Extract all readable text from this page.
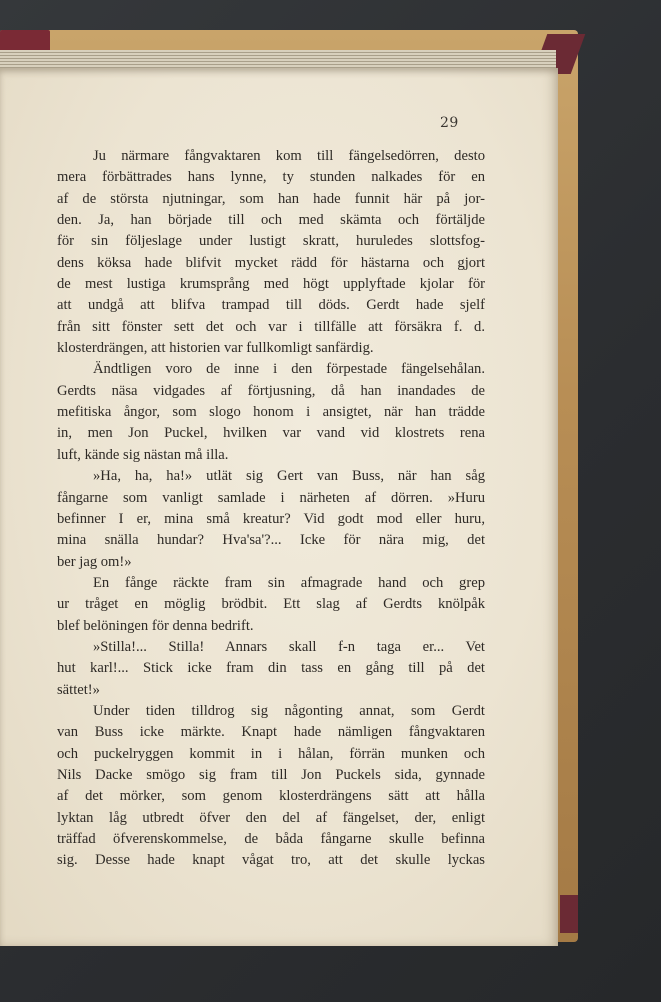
29
Ju närmare fångvaktaren kom till fängelsedörren, desto
mera förbättrades hans lynne, ty stunden nalkades för en
af de största njutningar, som han hade funnit här på jor-
den. Ja, han började till och med skämta och förtäljde
för sin följeslage under lustigt skratt, huruledes slottsfog-
dens köksa hade blifvit mycket rädd för hästarna och gjort
de mest lustiga krumsprång med högt upplyftade kjolar för
att undgå att blifva trampad till döds. Gerdt hade sjelf
från sitt fönster sett det och var i tillfälle att försäkra f. d.
klosterdrängen, att historien var fullkomligt sanfärdig.
Ändtligen voro de inne i den förpestade fängelsehålan.
Gerdts näsa vidgades af förtjusning, då han inandades de
mefitiska ångor, som slogo honom i ansigtet, när han trädde
in, men Jon Puckel, hvilken var vand vid klostrets rena
luft, kände sig nästan må illa.
»Ha, ha, ha!» utlät sig Gert van Buss, när han såg
fångarne som vanligt samlade i närheten af dörren. »Huru
befinner I er, mina små kreatur? Vid godt mod eller huru,
mina snälla hundar? Hva'sa'?... Icke för nära mig, det
ber jag om!»
En fånge räckte fram sin afmagrade hand och grep
ur tråget en möglig brödbit. Ett slag af Gerdts knölpåk
blef belöningen för denna bedrift.
»Stilla!... Stilla! Annars skall f-n taga er... Vet
hut karl!... Stick icke fram din tass en gång till på det
sättet!»
Under tiden tilldrog sig någonting annat, som Gerdt
van Buss icke märkte. Knapt hade nämligen fångvaktaren
och puckelryggen kommit in i hålan, förrän munken och
Nils Dacke smögo sig fram till Jon Puckels sida, gynnade
af det mörker, som genom klosterdrängens sätt att hålla
lyktan låg utbredt öfver den del af fängelset, der, enligt
träffad öfverenskommelse, de båda fångarne skulle befinna
sig. Desse hade knapt vågat tro, att det skulle lyckas
